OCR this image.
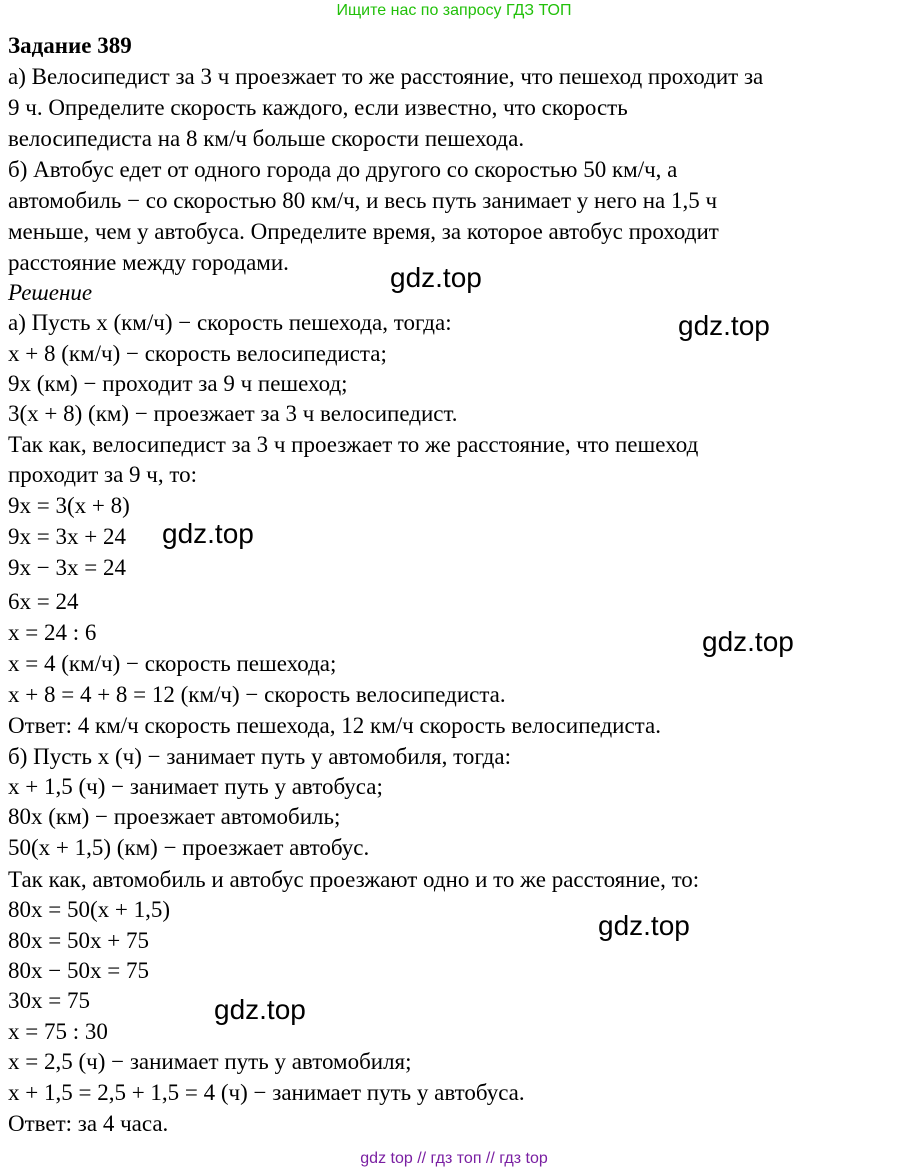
Ищите нас по запросу ГДЗ ТОП
Задание 389
а) Велосипедист за 3 ч проезжает то же расстояние, что пешеход проходит за
9 ч. Определите скорость каждого, если известно, что скорость
велосипедиста на 8 км/ч больше скорости пешехода.
б) Автобус едет от одного города до другого со скоростью 50 км/ч, а
автомобиль − со скоростью 80 км/ч, и весь путь занимает у него на 1,5 ч
меньше, чем у автобуса. Определите время, за которое автобус проходит
расстояние между городами.
Решение
а) Пусть x (км/ч) − скорость пешехода, тогда:
x + 8 (км/ч) − скорость велосипедиста;
9x (км) − проходит за 9 ч пешеход;
3(x + 8) (км) − проезжает за 3 ч велосипедист.
Так как, велосипедист за 3 ч проезжает то же расстояние, что пешеход
проходит за 9 ч, то:
9x = 3(x + 8)
9x = 3x + 24
9x − 3x = 24
6x = 24
x = 24 : 6
x = 4 (км/ч) − скорость пешехода;
x + 8 = 4 + 8 = 12 (км/ч) − скорость велосипедиста.
Ответ: 4 км/ч скорость пешехода, 12 км/ч скорость велосипедиста.
б) Пусть x (ч) − занимает путь у автомобиля, тогда:
x + 1,5 (ч) − занимает путь у автобуса;
80x (км) − проезжает автомобиль;
50(x + 1,5) (км) − проезжает автобус.
Так как, автомобиль и автобус проезжают одно и то же расстояние, то:
80x = 50(x + 1,5)
80x = 50x + 75
80x − 50x = 75
30x = 75
x = 75 : 30
x = 2,5 (ч) − занимает путь у автомобиля;
x + 1,5 = 2,5 + 1,5 = 4 (ч) − занимает путь у автобуса.
Ответ: за 4 часа.
gdz.top
gdz.top
gdz.top
gdz.top
gdz.top
gdz.top
gdz top // гдз топ // гдз top
